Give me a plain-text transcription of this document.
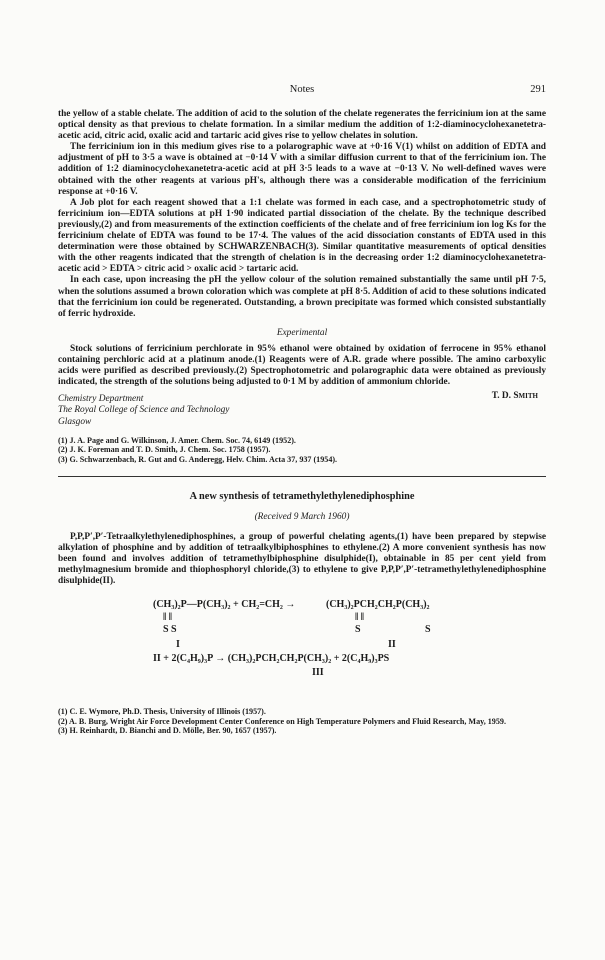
Notes	291

the yellow of a stable chelate. The addition of acid to the solution of the chelate regenerates the ferricinium ion at the same optical density as that previous to chelate formation. In a similar medium the addition of 1:2-diaminocyclohexanetetra-acetic acid, citric acid, oxalic acid and tartaric acid gives rise to yellow chelates in solution.

The ferricinium ion in this medium gives rise to a polarographic wave at +0·16 V(1) whilst on addition of EDTA and adjustment of pH to 3·5 a wave is obtained at −0·14 V with a similar diffusion current to that of the ferricinium ion. The addition of 1:2 diaminocyclohexanetetra-acetic acid at pH 3·5 leads to a wave at −0·13 V. No well-defined waves were obtained with the other reagents at various pH's, although there was a considerable modification of the ferricinium response at +0·16 V.

A Job plot for each reagent showed that a 1:1 chelate was formed in each case, and a spectrophotometric study of ferricinium ion—EDTA solutions at pH 1·90 indicated partial dissociation of the chelate. By the technique described previously,(2) and from measurements of the extinction coefficients of the chelate and of free ferricinium ion log Ks for the ferricinium chelate of EDTA was found to be 17·4. The values of the acid dissociation constants of EDTA used in this determination were those obtained by SCHWARZENBACH(3). Similar quantitative measurements of optical densities with the other reagents indicated that the strength of chelation is in the decreasing order 1:2 diaminocyclohexanetetra-acetic acid > EDTA > citric acid > oxalic acid > tartaric acid.

In each case, upon increasing the pH the yellow colour of the solution remained substantially the same until pH 7·5, when the solutions assumed a brown coloration which was complete at pH 8·5. Addition of acid to these solutions indicated that the ferricinium ion could be regenerated. Outstanding, a brown precipitate was formed which consisted substantially of ferric hydroxide.

Experimental

Stock solutions of ferricinium perchlorate in 95% ethanol were obtained by oxidation of ferrocene in 95% ethanol containing perchloric acid at a platinum anode.(1) Reagents were of A.R. grade where possible. The amino carboxylic acids were purified as described previously.(2) Spectrophotometric and polarographic data were obtained as previously indicated, the strength of the solutions being adjusted to 0·1 M by addition of ammonium chloride.

T. D. Smith
Chemistry Department
The Royal College of Science and Technology
Glasgow
(1) J. A. Page and G. Wilkinson, J. Amer. Chem. Soc. 74, 6149 (1952).
(2) J. K. Foreman and T. D. Smith, J. Chem. Soc. 1758 (1957).
(3) G. Schwarzenbach, R. Gut and G. Anderegg, Helv. Chim. Acta 37, 937 (1954).
A new synthesis of tetramethylethylenediphosphine
(Received 9 March 1960)

P,P,P′,P′-Tetraalkylethylenediphosphines, a group of powerful chelating agents,(1) have been prepared by stepwise alkylation of phosphine and by addition of tetraalkylbiphosphines to ethylene.(2) A more convenient synthesis has now been found and involves addition of tetramethylbiphosphine disulphide(I), obtainable in 85 per cent yield from methylmagnesium bromide and thiophosphoryl chloride,(3) to ethylene to give P,P,P′,P′-tetramethylethylenediphosphine disulphide(II).

(CH₃)₂P—P(CH₃)₂ + CH₂=CH₂ →	(CH₃)₂PCH₂CH₂P(CH₃)₂
‖ ‖	‖ ‖
S S	S	S
I	II
II + 2(C₄H₉)₃P → (CH₃)₂PCH₂CH₂P(CH₃)₂ + 2(C₄H₉)₃PS
III
(1) C. E. Wymore, Ph.D. Thesis, University of Illinois (1957).
(2) A. B. Burg, Wright Air Force Development Center Conference on High Temperature Polymers and Fluid Research, May, 1959.
(3) H. Reinhardt, D. Bianchi and D. Mölle, Ber. 90, 1657 (1957).
